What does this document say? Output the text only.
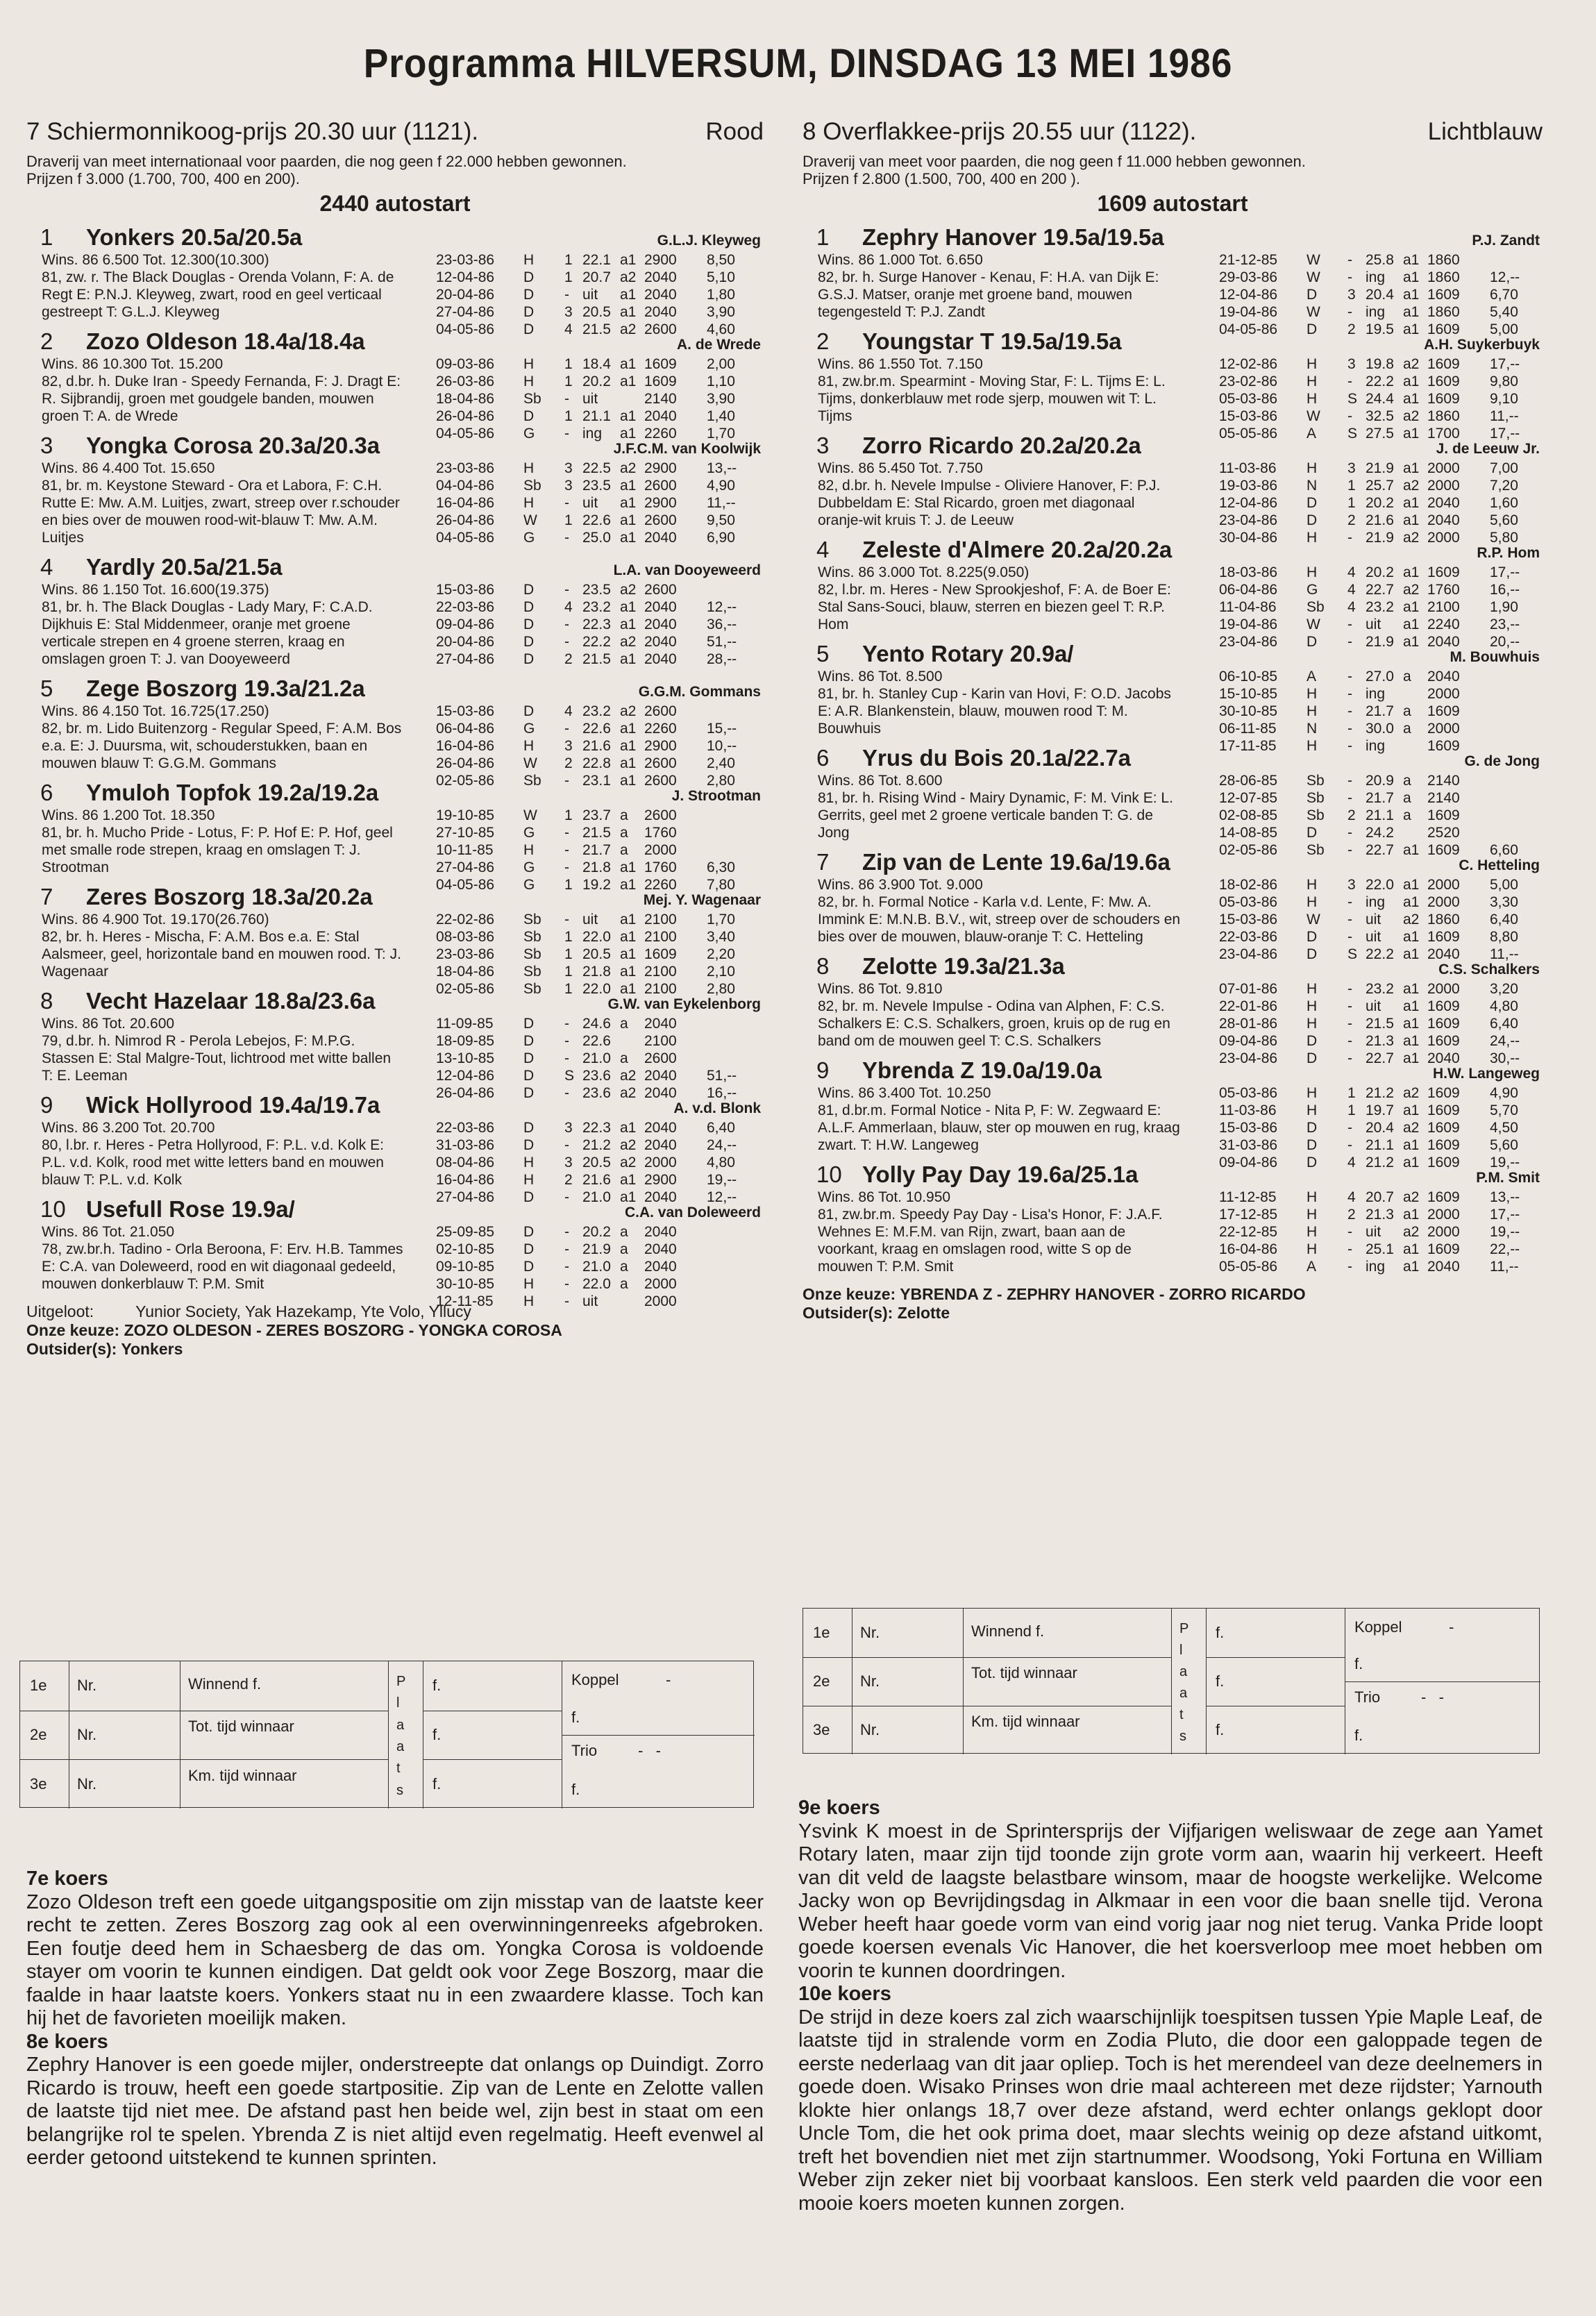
Programma HILVERSUM, DINSDAG 13 MEI 1986
7 Schiermonnikoog-prijs 20.30 uur (1121).	Rood
Draverij van meet internationaal voor paarden, die nog geen f 22.000 hebben gewonnen.
Prijzen f 3.000 (1.700, 700, 400 en 200).
2440 autostart
1 Yonkers 20.5a/20.5a	G.L.J. Kleyweg
Wins. 86 6.500 Tot. 12.300(10.300)
81, zw. r. The Black Douglas - Orenda Volann, F: A. de Regt E: P.N.J. Kleyweg, zwart, rood en geel verticaal gestreept T: G.L.J. Kleyweg
23-03-86 H 1 22.1 a1 2900 8,50
12-04-86 D 1 20.7 a2 2040 5,10
20-04-86 D - uit a1 2040 1,80
27-04-86 D 3 20.5 a1 2040 3,90
04-05-86 D 4 21.5 a2 2600 4,60
2 Zozo Oldeson 18.4a/18.4a	A. de Wrede
Wins. 86 10.300 Tot. 15.200
82, d.br. h. Duke Iran - Speedy Fernanda, F: J. Dragt E: R. Sijbrandij, groen met goudgele banden, mouwen groen T: A. de Wrede
09-03-86 H 1 18.4 a1 1609 2,00
26-03-86 H 1 20.2 a1 1609 1,10
18-04-86 Sb - uit	2140 3,90
26-04-86 D 1 21.1 a1 2040 1,40
04-05-86 G - ing a1 2260 1,70
3 Yongka Corosa 20.3a/20.3a	J.F.C.M. van Koolwijk
Wins. 86 4.400 Tot. 15.650
81, br. m. Keystone Steward - Ora et Labora, F: C.H. Rutte E: Mw. A.M. Luitjes, zwart, streep over r.schouder en bies over de mouwen rood-wit-blauw T: Mw. A.M. Luitjes
23-03-86 H 3 22.5 a2 2900 13,--
04-04-86 Sb 3 23.5 a1 2600 4,90
16-04-86 H - uit a1 2900 11,--
26-04-86 W 1 22.6 a1 2600 9,50
04-05-86 G - 25.0 a1 2040 6,90
4 Yardly 20.5a/21.5a	L.A. van Dooyeweerd
Wins. 86 1.150 Tot. 16.600(19.375)
81, br. h. The Black Douglas - Lady Mary, F: C.A.D. Dijkhuis E: Stal Middenmeer, oranje met groene verticale strepen en 4 groene sterren, kraag en omslagen groen T: J. van Dooyeweerd
15-03-86 D - 23.5 a2 2600
22-03-86 D 4 23.2 a1 2040 12,--
09-04-86 D - 22.3 a1 2040 36,--
20-04-86 D - 22.2 a2 2040 51,--
27-04-86 D 2 21.5 a1 2040 28,--
5 Zege Boszorg 19.3a/21.2a	G.G.M. Gommans
Wins. 86 4.150 Tot. 16.725(17.250)
82, br. m. Lido Buitenzorg - Regular Speed, F: A.M. Bos e.a. E: J. Duursma, wit, schouderstukken, baan en mouwen blauw T: G.G.M. Gommans
15-03-86 D 4 23.2 a2 2600
06-04-86 G - 22.6 a1 2260 15,--
16-04-86 H 3 21.6 a1 2900 10,--
26-04-86 W 2 22.8 a1 2600 2,40
02-05-86 Sb - 23.1 a1 2600 2,80
6 Ymuloh Topfok 19.2a/19.2a	J. Strootman
Wins. 86 1.200 Tot. 18.350
81, br. h. Mucho Pride - Lotus, F: P. Hof E: P. Hof, geel met smalle rode strepen, kraag en omslagen T: J. Strootman
19-10-85 W 1 23.7 a 2600
27-10-85 G - 21.5 a 1760
10-11-85 H - 21.7 a 2000
27-04-86 G - 21.8 a1 1760 6,30
04-05-86 G 1 19.2 a1 2260 7,80
7 Zeres Boszorg 18.3a/20.2a	Mej. Y. Wagenaar
Wins. 86 4.900 Tot. 19.170(26.760)
82, br. h. Heres - Mischa, F: A.M. Bos e.a. E: Stal Aalsmeer, geel, horizontale band en mouwen rood. T: J. Wagenaar
22-02-86 Sb - uit a1 2100 1,70
08-03-86 Sb 1 22.0 a1 2100 3,40
23-03-86 Sb 1 20.5 a1 1609 2,20
18-04-86 Sb 1 21.8 a1 2100 2,10
02-05-86 Sb 1 22.0 a1 2100 2,80
8 Vecht Hazelaar 18.8a/23.6a	G.W. van Eykelenborg
Wins. 86 Tot. 20.600
79, d.br. h. Nimrod R - Perola Lebejos, F: M.P.G. Stassen E: Stal Malgre-Tout, lichtrood met witte ballen T: E. Leeman
11-09-85 D - 24.6 a 2040
18-09-85 D - 22.6 2100
13-10-85 D - 21.0 a 2600
12-04-86 D S 23.6 a2 2040 51,--
26-04-86 D - 23.6 a2 2040 16,--
9 Wick Hollyrood 19.4a/19.7a	A. v.d. Blonk
Wins. 86 3.200 Tot. 20.700
80, l.br. r. Heres - Petra Hollyrood, F: P.L. v.d. Kolk E: P.L. v.d. Kolk, rood met witte letters band en mouwen blauw T: P.L. v.d. Kolk
22-03-86 D 3 22.3 a1 2040 6,40
31-03-86 D - 21.2 a2 2040 24,--
08-04-86 H 3 20.5 a2 2000 4,80
16-04-86 H 2 21.6 a1 2900 19,--
27-04-86 D - 21.0 a1 2040 12,--
10 Usefull Rose 19.9a/	C.A. van Doleweerd
Wins. 86 Tot. 21.050
78, zw.br.h. Tadino - Orla Beroona, F: Erv. H.B. Tammes E: C.A. van Doleweerd, rood en wit diagonaal gedeeld, mouwen donkerblauw T: P.M. Smit
25-09-85 D - 20.2 a 2040
02-10-85 D - 21.9 a 2040
09-10-85 D - 21.0 a 2040
30-10-85 H - 22.0 a 2000
12-11-85 H - uit	2000
Uitgeloot:	Yunior Society, Yak Hazekamp, Yte Volo, Yllucy
Onze keuze: ZOZO OLDESON - ZERES BOSZORG - YONGKA COROSA
Outsider(s): Yonkers
8 Overflakkee-prijs 20.55 uur (1122).	Lichtblauw
Draverij van meet voor paarden, die nog geen f 11.000 hebben gewonnen.
Prijzen f 2.800 (1.500, 700, 400 en 200 ).
1609 autostart
1 Zephry Hanover 19.5a/19.5a	P.J. Zandt
Wins. 86 1.000 Tot. 6.650
82, br. h. Surge Hanover - Kenau, F: H.A. van Dijk E: G.S.J. Matser, oranje met groene band, mouwen tegengesteld T: P.J. Zandt
21-12-85 W - 25.8 a1 1860
29-03-86 W - ing a1 1860 12,--
12-04-86 D 3 20.4 a1 1609 6,70
19-04-86 W - ing a1 1860 5,40
04-05-86 D 2 19.5 a1 1609 5,00
2 Youngstar T 19.5a/19.5a	A.H. Suykerbuyk
Wins. 86 1.550 Tot. 7.150
81, zw.br.m. Spearmint - Moving Star, F: L. Tijms E: L. Tijms, donkerblauw met rode sjerp, mouwen wit T: L. Tijms
12-02-86 H 3 19.8 a2 1609 17,--
23-02-86 H - 22.2 a1 1609 9,80
05-03-86 H S 24.4 a1 1609 9,10
15-03-86 W - 32.5 a2 1860 11,--
05-05-86 A S 27.5 a1 1700 17,--
3 Zorro Ricardo 20.2a/20.2a	J. de Leeuw Jr.
Wins. 86 5.450 Tot. 7.750
82, d.br. h. Nevele Impulse - Oliviere Hanover, F: P.J. Dubbeldam E: Stal Ricardo, groen met diagonaal oranje-wit kruis T: J. de Leeuw
11-03-86 H 3 21.9 a1 2000 7,00
19-03-86 N 1 25.7 a2 2000 7,20
12-04-86 D 1 20.2 a1 2040 1,60
23-04-86 D 2 21.6 a1 2040 5,60
30-04-86 H - 21.9 a2 2000 5,80
4 Zeleste d'Almere 20.2a/20.2a	R.P. Hom
Wins. 86 3.000 Tot. 8.225(9.050)
82, l.br. m. Heres - New Sprookjeshof, F: A. de Boer E: Stal Sans-Souci, blauw, sterren en biezen geel T: R.P. Hom
18-03-86 H 4 20.2 a1 1609 17,--
06-04-86 G 4 22.7 a2 1760 16,--
11-04-86 Sb 4 23.2 a1 2100 1,90
19-04-86 W - uit a1 2240 23,--
23-04-86 D - 21.9 a1 2040 20,--
5 Yento Rotary 20.9a/	M. Bouwhuis
Wins. 86 Tot. 8.500
81, br. h. Stanley Cup - Karin van Hovi, F: O.D. Jacobs E: A.R. Blankenstein, blauw, mouwen rood T: M. Bouwhuis
06-10-85 A - 27.0 a 2040
15-10-85 H - ing	2000
30-10-85 H - 21.7 a 1609
06-11-85 N - 30.0 a 2000
17-11-85 H - ing	1609
6 Yrus du Bois 20.1a/22.7a	G. de Jong
Wins. 86 Tot. 8.600
81, br. h. Rising Wind - Mairy Dynamic, F: M. Vink E: L. Gerrits, geel met 2 groene verticale banden T: G. de Jong
28-06-85 Sb - 20.9 a 2140
12-07-85 Sb - 21.7 a 2140
02-08-85 Sb 2 21.1 a 1609
14-08-85 D - 24.2 2520
02-05-86 Sb - 22.7 a1 1609 6,60
7 Zip van de Lente 19.6a/19.6a	C. Hetteling
Wins. 86 3.900 Tot. 9.000
82, br. h. Formal Notice - Karla v.d. Lente, F: Mw. A. Immink E: M.N.B. B.V., wit, streep over de schouders en bies over de mouwen, blauw-oranje T: C. Hetteling
18-02-86 H 3 22.0 a1 2000 5,00
05-03-86 H - ing a1 2000 3,30
15-03-86 W - uit a2 1860 6,40
22-03-86 D - uit a1 1609 8,80
23-04-86 D S 22.2 a1 2040 11,--
8 Zelotte 19.3a/21.3a	C.S. Schalkers
Wins. 86 Tot. 9.810
82, br. m. Nevele Impulse - Odina van Alphen, F: C.S. Schalkers E: C.S. Schalkers, groen, kruis op de rug en band om de mouwen geel T: C.S. Schalkers
07-01-86 H - 23.2 a1 2000 3,20
22-01-86 H - uit a1 1609 4,80
28-01-86 H - 21.5 a1 1609 6,40
09-04-86 D - 21.3 a1 1609 24,--
23-04-86 D - 22.7 a1 2040 30,--
9 Ybrenda Z 19.0a/19.0a	H.W. Langeweg
Wins. 86 3.400 Tot. 10.250
81, d.br.m. Formal Notice - Nita P, F: W. Zegwaard E: A.L.F. Ammerlaan, blauw, ster op mouwen en rug, kraag zwart. T: H.W. Langeweg
05-03-86 H 1 21.2 a2 1609 4,90
11-03-86 H 1 19.7 a1 1609 5,70
15-03-86 D - 20.4 a2 1609 4,50
31-03-86 D - 21.1 a1 1609 5,60
09-04-86 D 4 21.2 a1 1609 19,--
10 Yolly Pay Day 19.6a/25.1a	P.M. Smit
Wins. 86 Tot. 10.950
81, zw.br.m. Speedy Pay Day - Lisa's Honor, F: J.A.F. Wehnes E: M.F.M. van Rijn, zwart, baan aan de voorkant, kraag en omslagen rood, witte S op de mouwen T: P.M. Smit
11-12-85 H 4 20.7 a2 1609 13,--
17-12-85 H 2 21.3 a1 2000 17,--
22-12-85 H - uit a2 2000 19,--
16-04-86 H - 25.1 a1 1609 22,--
05-05-86 A - ing a1 2040 11,--
Onze keuze: YBRENDA Z - ZEPHRY HANOVER - ZORRO RICARDO
Outsider(s): Zelotte
1e Nr.	Winnend f.	f.
2e Nr.	Tot. tijd winnaar	f.
3e Nr.	Km. tijd winnaar	f.
P
l
a
a
t
s
Koppel	-
f.
Trio	-   -
f.
1e Nr.	Winnend f.	f.
2e Nr.	Tot. tijd winnaar	f.
3e Nr.	Km. tijd winnaar	f.
P
l
a
a
t
s
Koppel	-
f.
Trio	-   -
f.
7e koers

Zozo Oldeson treft een goede uitgangspositie om zijn misstap van de laatste keer recht te zetten. Zeres Boszorg zag ook al een overwinningenreeks afgebroken. Een foutje deed hem in Schaesberg de das om. Yongka Corosa is voldoende stayer om voorin te kunnen eindigen. Dat geldt ook voor Zege Boszorg, maar die faalde in haar laatste koers. Yonkers staat nu in een zwaardere klasse. Toch kan hij het de favorieten moeilijk maken.

8e koers

Zephry Hanover is een goede mijler, onderstreepte dat onlangs op Duindigt. Zorro Ricardo is trouw, heeft een goede startpositie. Zip van de Lente en Zelotte vallen de laatste tijd niet mee. De afstand past hen beide wel, zijn best in staat om een belangrijke rol te spelen. Ybrenda Z is niet altijd even regelmatig. Heeft evenwel al eerder getoond uitstekend te kunnen sprinten.

9e koers

Ysvink K moest in de Sprintersprijs der Vijfjarigen weliswaar de zege aan Yamet Rotary laten, maar zijn tijd toonde zijn grote vorm aan, waarin hij verkeert. Heeft van dit veld de laagste belastbare winsom, maar de hoogste werkelijke. Welcome Jacky won op Bevrijdingsdag in Alkmaar in een voor die baan snelle tijd. Verona Weber heeft haar goede vorm van eind vorig jaar nog niet terug. Vanka Pride loopt goede koersen evenals Vic Hanover, die het koersverloop mee moet hebben om voorin te kunnen doordringen.

10e koers

De strijd in deze koers zal zich waarschijnlijk toespitsen tussen Ypie Maple Leaf, de laatste tijd in stralende vorm en Zodia Pluto, die door een galoppade tegen de eerste nederlaag van dit jaar opliep. Toch is het merendeel van deze deelnemers in goede doen. Wisako Prinses won drie maal achtereen met deze rijdster; Yarnouth klokte hier onlangs 18,7 over deze afstand, werd echter onlangs geklopt door Uncle Tom, die het ook prima doet, maar slechts weinig op deze afstand uitkomt, treft het bovendien niet met zijn startnummer. Woodsong, Yoki Fortuna en William Weber zijn zeker niet bij voorbaat kansloos. Een sterk veld paarden die voor een mooie koers moeten kunnen zorgen.
